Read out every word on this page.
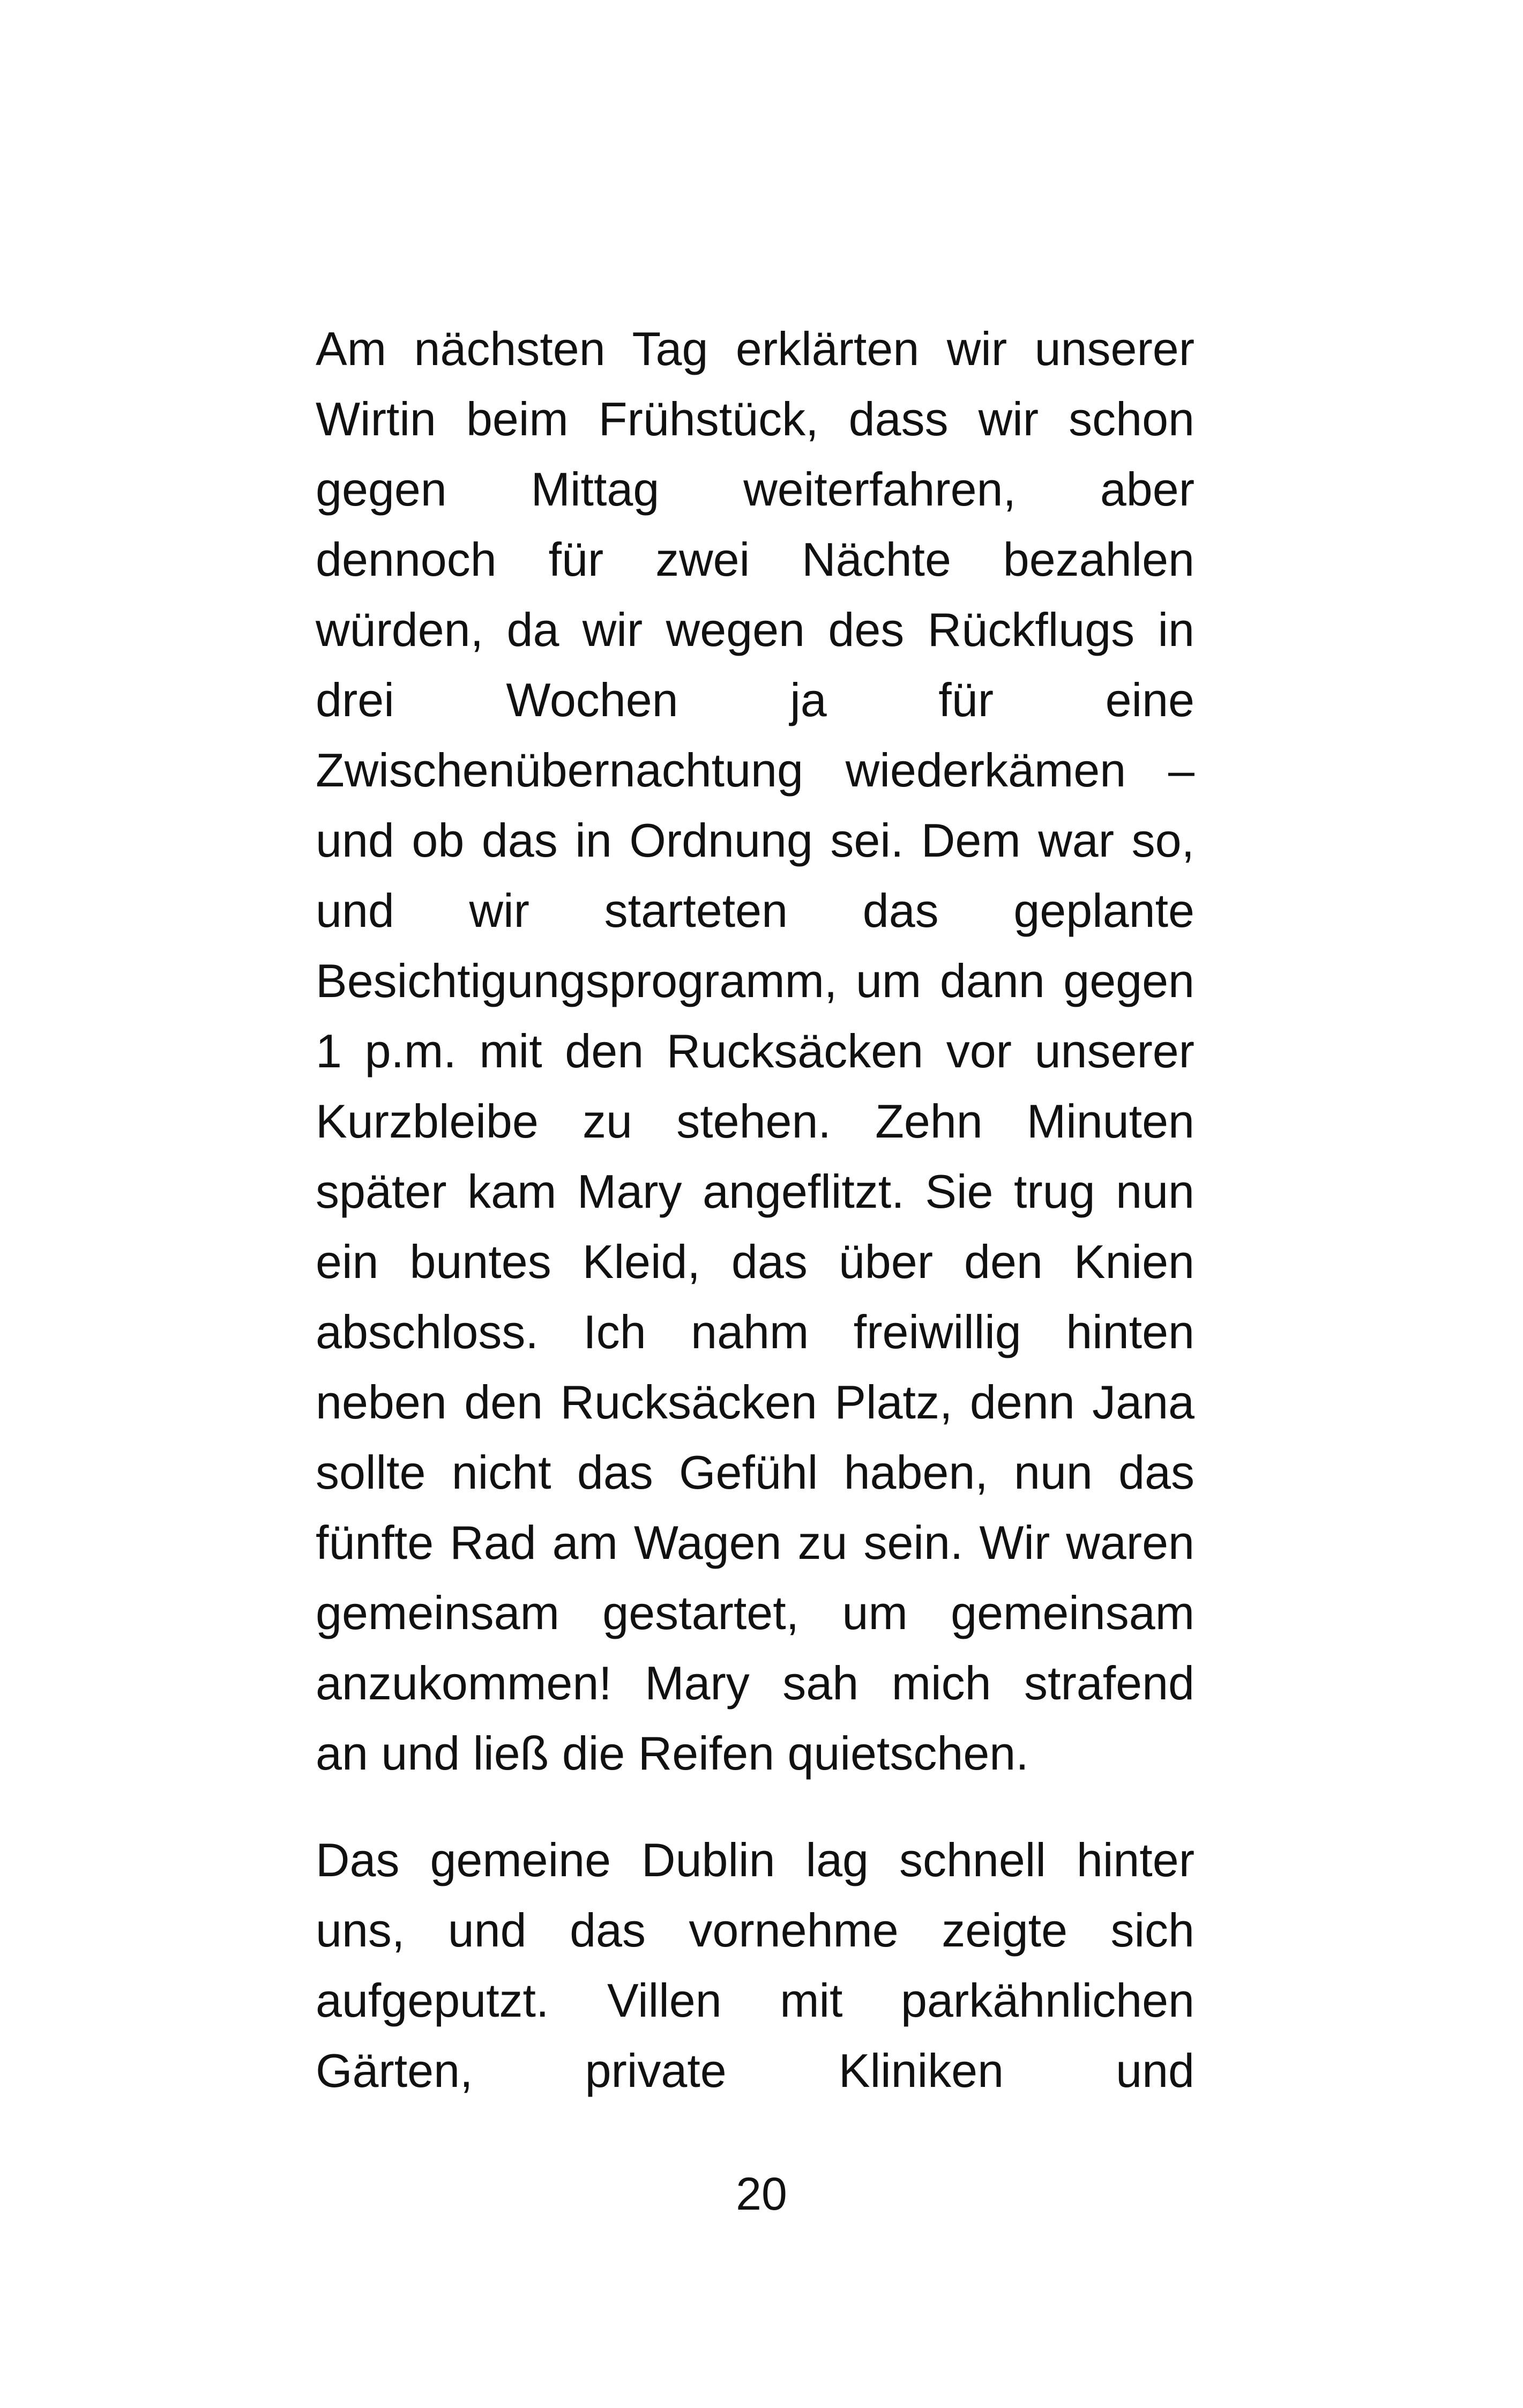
Am nächsten Tag erklärten wir unserer
Wirtin beim Frühstück, dass wir schon
gegen Mittag weiterfahren, aber
dennoch für zwei Nächte bezahlen
würden, da wir wegen des Rückflugs in
drei Wochen ja für eine
Zwischenübernachtung wiederkämen –
und ob das in Ordnung sei. Dem war so,
und wir starteten das geplante
Besichtigungsprogramm, um dann gegen
1 p.m. mit den Rucksäcken vor unserer
Kurzbleibe zu stehen. Zehn Minuten
später kam Mary angeflitzt. Sie trug nun
ein buntes Kleid, das über den Knien
abschloss. Ich nahm freiwillig hinten
neben den Rucksäcken Platz, denn Jana
sollte nicht das Gefühl haben, nun das
fünfte Rad am Wagen zu sein. Wir waren
gemeinsam gestartet, um gemeinsam
anzukommen! Mary sah mich strafend
an und ließ die Reifen quietschen.
Das gemeine Dublin lag schnell hinter
uns, und das vornehme zeigte sich
aufgeputzt. Villen mit parkähnlichen
Gärten, private Kliniken und
20
